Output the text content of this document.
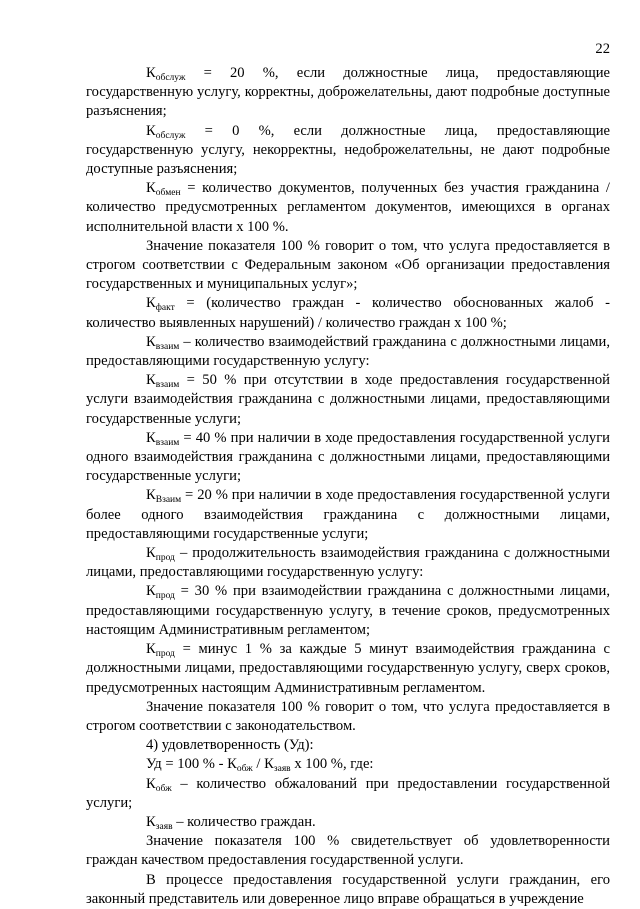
22

$К_{обслуж} = 20$ %, если должностные лица, предоставляющие государственную услугу, корректны, доброжелательны, дают подробные доступные разъяснения;

$К_{обслуж} = 0$ %, если должностные лица, предоставляющие государственную услугу, некорректны, недоброжелательны, не дают подробные доступные разъяснения;

$К_{обмен}$ = количество документов, полученных без участия гражданина / количество предусмотренных регламентом документов, имеющихся в органах исполнительной власти х 100 %.

Значение показателя 100 % говорит о том, что услуга предоставляется в строгом соответствии с Федеральным законом «Об организации предоставления государственных и муниципальных услуг»;

$К_{факт}$ = (количество граждан - количество обоснованных жалоб - количество выявленных нарушений) / количество граждан х 100 %;

$К_{взаим}$ – количество взаимодействий гражданина с должностными лицами, предоставляющими государственную услугу:

$К_{взаим} = 50$ % при отсутствии в ходе предоставления государственной услуги взаимодействия гражданина с должностными лицами, предоставляющими государственные услуги;

$К_{взаим} = 40$ % при наличии в ходе предоставления государственной услуги одного взаимодействия гражданина с должностными лицами, предоставляющими государственные услуги;

$К_{Взаим} = 20$ % при наличии в ходе предоставления государственной услуги более одного взаимодействия гражданина с должностными лицами, предоставляющими государственные услуги;

$К_{прод}$ – продолжительность взаимодействия гражданина с должностными лицами, предоставляющими государственную услугу:

$К_{прод} = 30$ % при взаимодействии гражданина с должностными лицами, предоставляющими государственную услугу, в течение сроков, предусмотренных настоящим Административным регламентом;

$К_{прод}$ = минус 1 % за каждые 5 минут взаимодействия гражданина с должностными лицами, предоставляющими государственную услугу, сверх сроков, предусмотренных настоящим Административным регламентом.

Значение показателя 100 % говорит о том, что услуга предоставляется в строгом соответствии с законодательством.

4) удовлетворенность (Уд):

Уд = 100 % - $К_{обж} / К_{заяв}$ х 100 %, где:

$К_{обж}$ – количество обжалований при предоставлении государственной услуги;

$К_{заяв}$ – количество граждан.

Значение показателя 100 % свидетельствует об удовлетворенности граждан качеством предоставления государственной услуги.

В процессе предоставления государственной услуги гражданин, его законный представитель или доверенное лицо вправе обращаться в учреждение
